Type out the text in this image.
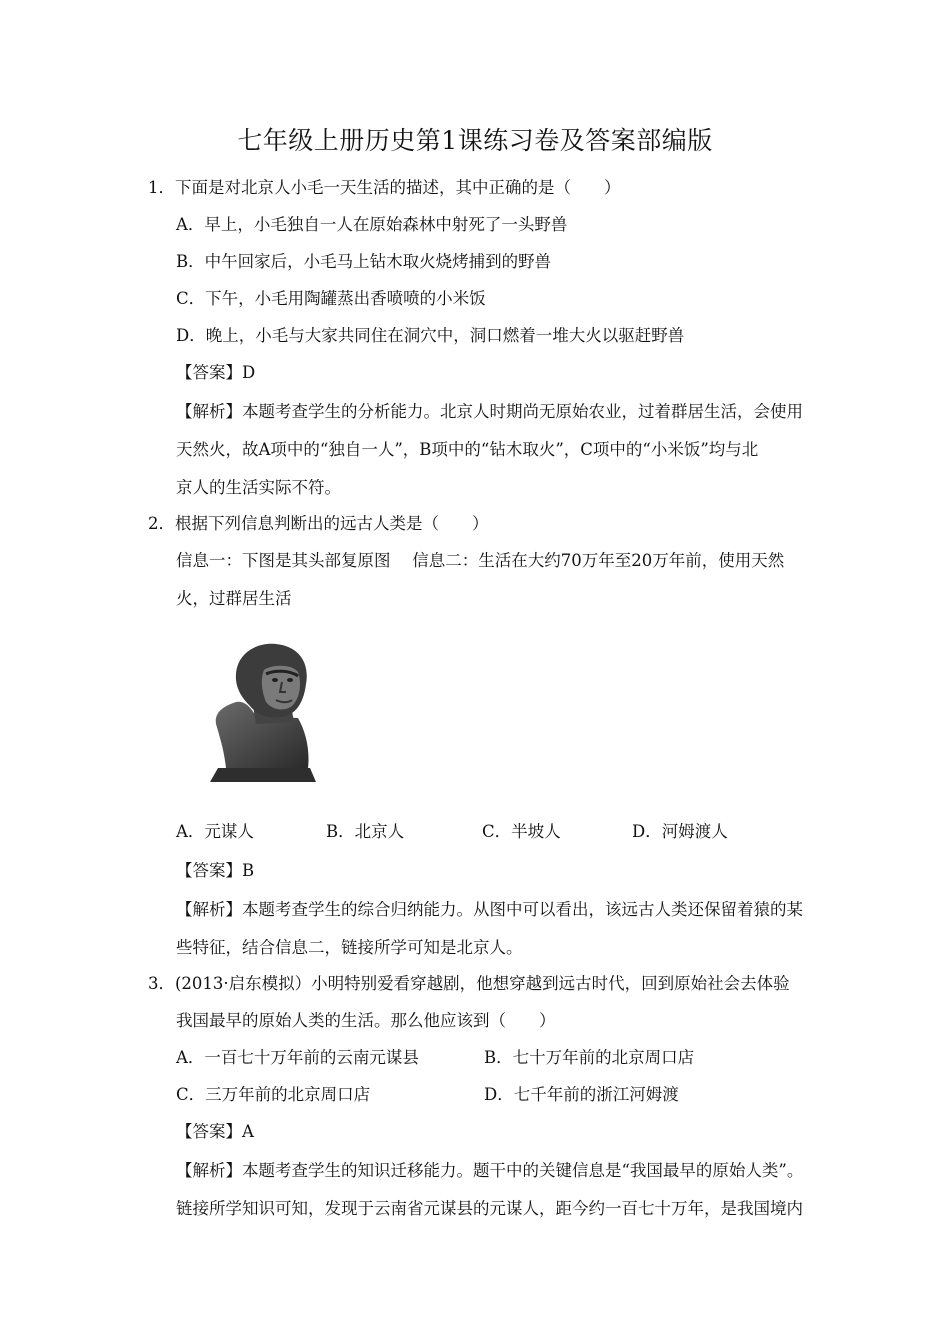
七年级上册历史第1课练习卷及答案部编版
1．下面是对北京人小毛一天生活的描述，其中正确的是（　　）
A．早上，小毛独自一人在原始森林中射死了一头野兽
B．中午回家后，小毛马上钻木取火烧烤捕到的野兽
C．下午，小毛用陶罐蒸出香喷喷的小米饭
D．晚上，小毛与大家共同住在洞穴中，洞口燃着一堆大火以驱赶野兽
【答案】D
【解析】本题考查学生的分析能力。北京人时期尚无原始农业，过着群居生活，会使用
天然火，故A项中的“独自一人”，B项中的“钻木取火”，C项中的“小米饭”均与北
京人的生活实际不符。
2．根据下列信息判断出的远古人类是（　　）
信息一：下图是其头部复原图　 信息二：生活在大约70万年至20万年前，使用天然
火，过群居生活
A．元谋人	B．北京人	C．半坡人	D．河姆渡人
【答案】B
【解析】本题考查学生的综合归纳能力。从图中可以看出，该远古人类还保留着猿的某
些特征，结合信息二，链接所学可知是北京人。
3．(2013·启东模拟）小明特别爱看穿越剧，他想穿越到远古时代，回到原始社会去体验
我国最早的原始人类的生活。那么他应该到（　　）
A．一百七十万年前的云南元谋县	B．七十万年前的北京周口店
C．三万年前的北京周口店	D．七千年前的浙江河姆渡
【答案】A
【解析】本题考查学生的知识迁移能力。题干中的关键信息是“我国最早的原始人类”。
链接所学知识可知，发现于云南省元谋县的元谋人，距今约一百七十万年，是我国境内
